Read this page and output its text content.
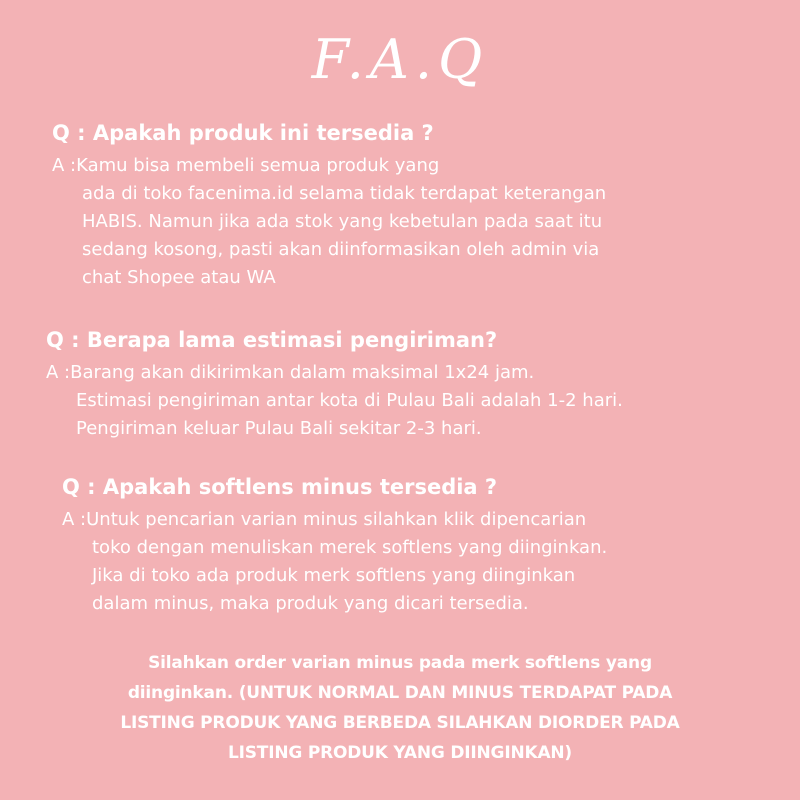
F.A.Q
Q : Apakah produk ini tersedia ?
A :Kamu bisa membeli semua produk yang
ada di toko facenima.id selama tidak terdapat keterangan
HABIS. Namun jika ada stok yang kebetulan pada saat itu
sedang kosong, pasti akan diinformasikan oleh admin via
chat Shopee atau WA
Q : Berapa lama estimasi pengiriman?
A :Barang akan dikirimkan dalam maksimal 1x24 jam.
Estimasi pengiriman antar kota di Pulau Bali adalah 1-2 hari.
Pengiriman keluar Pulau Bali sekitar 2-3 hari.
Q : Apakah softlens minus tersedia ?
A :Untuk pencarian varian minus silahkan klik dipencarian
toko dengan menuliskan merek softlens yang diinginkan.
Jika di toko ada produk merk softlens yang diinginkan
dalam minus, maka produk yang dicari tersedia.
Silahkan order varian minus pada merk softlens yang
diinginkan. (UNTUK NORMAL DAN MINUS TERDAPAT PADA
LISTING PRODUK YANG BERBEDA SILAHKAN DIORDER PADA
LISTING PRODUK YANG DIINGINKAN)
